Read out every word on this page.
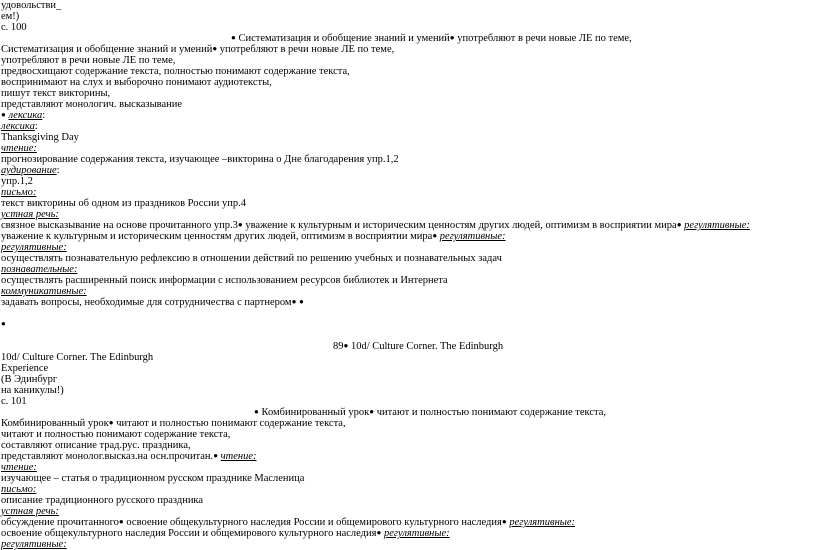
удовольстви_
ем!)
с. 100
● Систематизация и обобщение знаний и умений● употребляют в речи новые ЛЕ по теме,
Систематизация и обобщение знаний и умений● употребляют в речи новые ЛЕ по теме,
употребляют в речи новые ЛЕ по теме,
предвосхищают содержание текста, полностью понимают содержание текста,
воспринимают на слух и выборочно понимают аудиотексты,
пишут текст викторины,
представляют монологич. высказывание
● лексика:
лексика:
Thanksgiving Day
чтение:
прогнозирование содержания текста, изучающее –викторина о Дне благодарения упр.1,2
аудирование:
упр.1,2
письмо:
текст викторины об одном из праздников России упр.4
устная речь:
связное высказывание на основе прочитанного упр.3● уважение к культурным и историческим ценностям других людей, оптимизм в восприятии мира● регулятивные:
уважение к культурным и историческим ценностям других людей, оптимизм в восприятии мира● регулятивные:
регулятивные:
осуществлять познавательную рефлексию в отношении действий по решению учебных и познавательных задач
познавательные:
осуществлять расширенный поиск информации с использованием ресурсов библиотек и Интернета
коммуникативные:
задавать вопросы, необходимые для сотрудничества с партнером● ●
●
89● 10d/ Culture Corner. The Edinburgh
10d/ Culture Corner. The Edinburgh
Experience
(В Эдинбург
на каникулы!)
с. 101
● Комбинированный урок● читают и полностью понимают содержание текста,
Комбинированный урок● читают и полностью понимают содержание текста,
читают и полностью понимают содержание текста,
составляют описание трад.рус. праздника,
представляют монолог.высказ.на осн.прочитан.● чтение:
чтение:
изучающее – статья о традиционном русском празднике Масленица
письмо:
описание традиционного русского праздника
устная речь:
обсуждение прочитанного● освоение общекультурного наследия России и общемирового культурного наследия● регулятивные:
освоение общекультурного наследия России и общемирового культурного наследия● регулятивные:
регулятивные:
